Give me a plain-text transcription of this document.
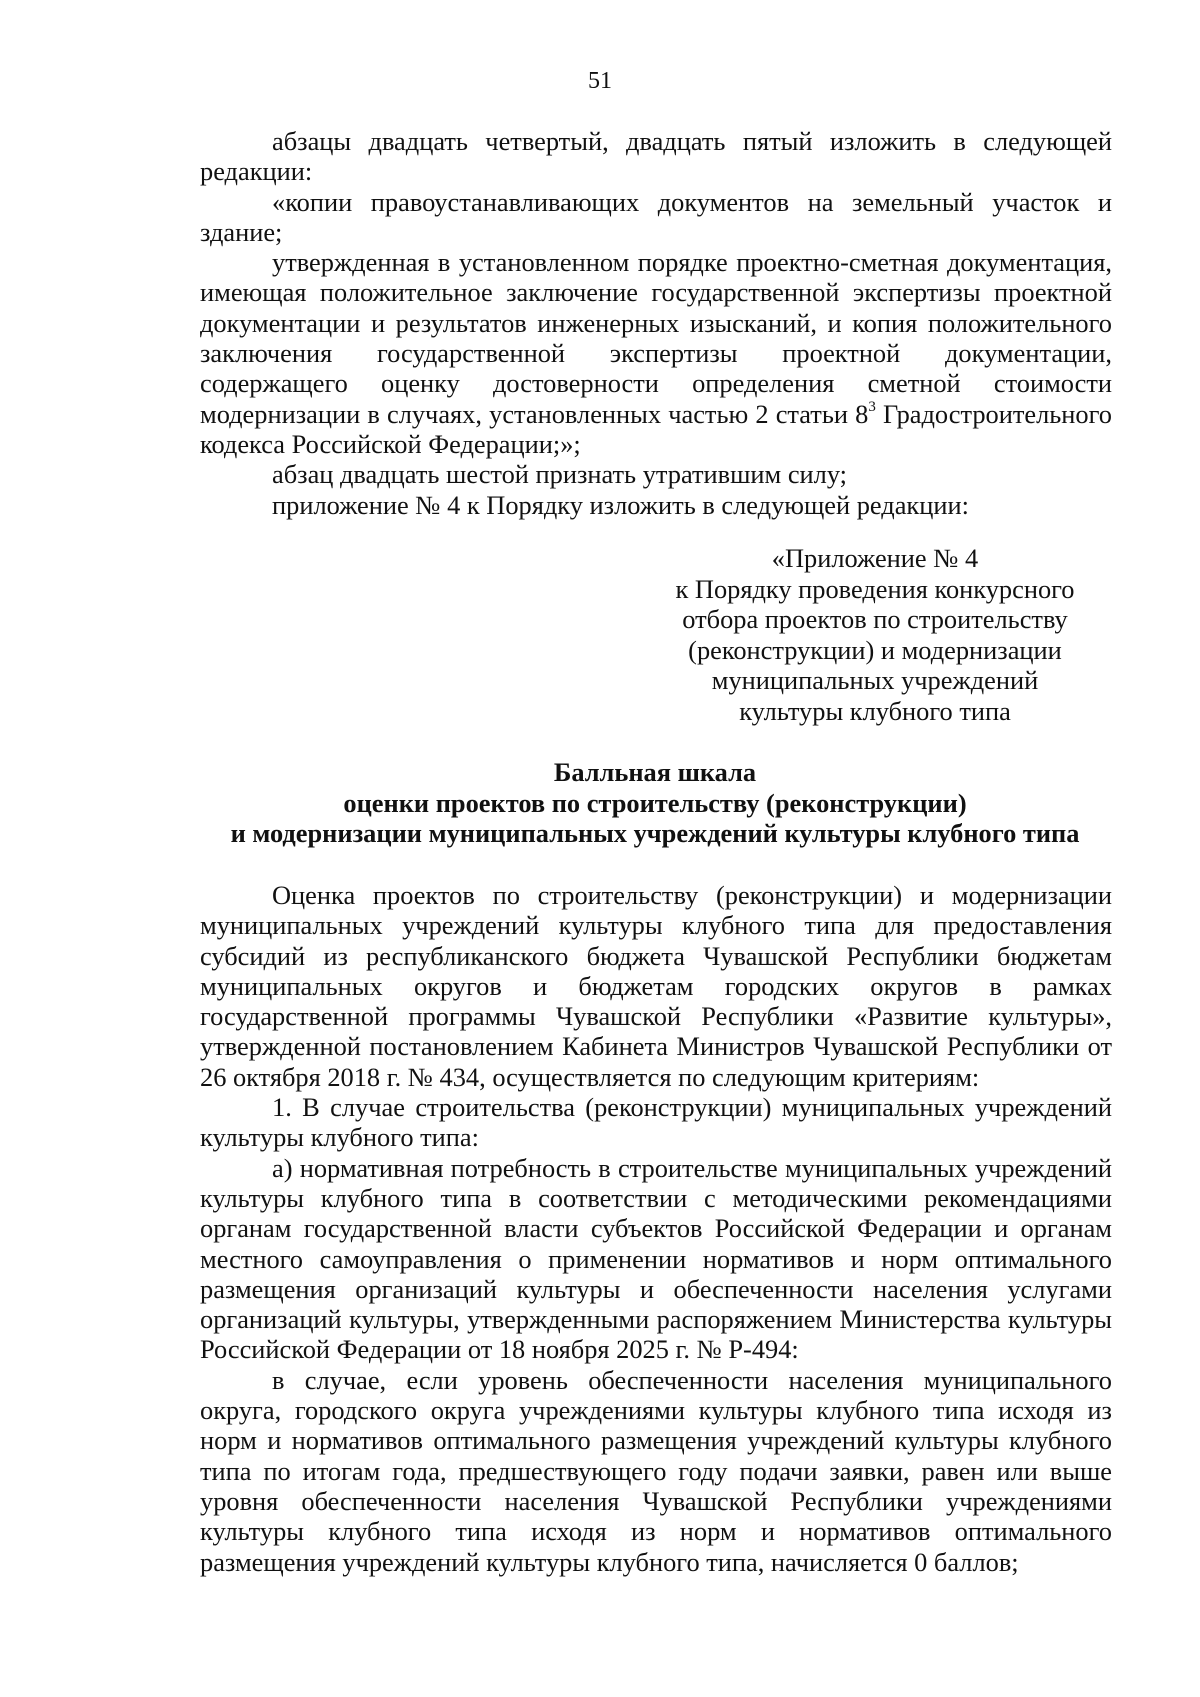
51

абзацы двадцать четвертый, двадцать пятый изложить в следующей редакции:

«копии правоустанавливающих документов на земельный участок и здание;

утвержденная в установленном порядке проектно-сметная документация, имеющая положительное заключение государственной экспертизы проектной документации и результатов инженерных изысканий, и копия положительного заключения государственной экспертизы проектной документации, содержащего оценку достоверности определения сметной стоимости модернизации в случаях, установленных частью 2 статьи $8^3$ Градостроительного кодекса Российской Федерации;»;

абзац двадцать шестой признать утратившим силу;

приложение № 4 к Порядку изложить в следующей редакции:

«Приложение № 4
к Порядку проведения конкурсного
отбора проектов по строительству
(реконструкции) и модернизации
муниципальных учреждений
культуры клубного типа
Балльная шкала
оценки проектов по строительству (реконструкции)
и модернизации муниципальных учреждений культуры клубного типа

Оценка проектов по строительству (реконструкции) и модернизации муниципальных учреждений культуры клубного типа для предоставления субсидий из республиканского бюджета Чувашской Республики бюджетам муниципальных округов и бюджетам городских округов в рамках государственной программы Чувашской Республики «Развитие культуры», утвержденной постановлением Кабинета Министров Чувашской Республики от 26 октября 2018 г. № 434, осуществляется по следующим критериям:

1. В случае строительства (реконструкции) муниципальных учреждений культуры клубного типа:

а) нормативная потребность в строительстве муниципальных учреждений культуры клубного типа в соответствии с методическими рекомендациями органам государственной власти субъектов Российской Федерации и органам местного самоуправления о применении нормативов и норм оптимального размещения организаций культуры и обеспеченности населения услугами организаций культуры, утвержденными распоряжением Министерства культуры Российской Федерации от 18 ноября 2025 г. № Р-494:

в случае, если уровень обеспеченности населения муниципального округа, городского округа учреждениями культуры клубного типа исходя из норм и нормативов оптимального размещения учреждений культуры клубного типа по итогам года, предшествующего году подачи заявки, равен или выше уровня обеспеченности населения Чувашской Республики учреждениями культуры клубного типа исходя из норм и нормативов оптимального размещения учреждений культуры клубного типа, начисляется 0 баллов;
